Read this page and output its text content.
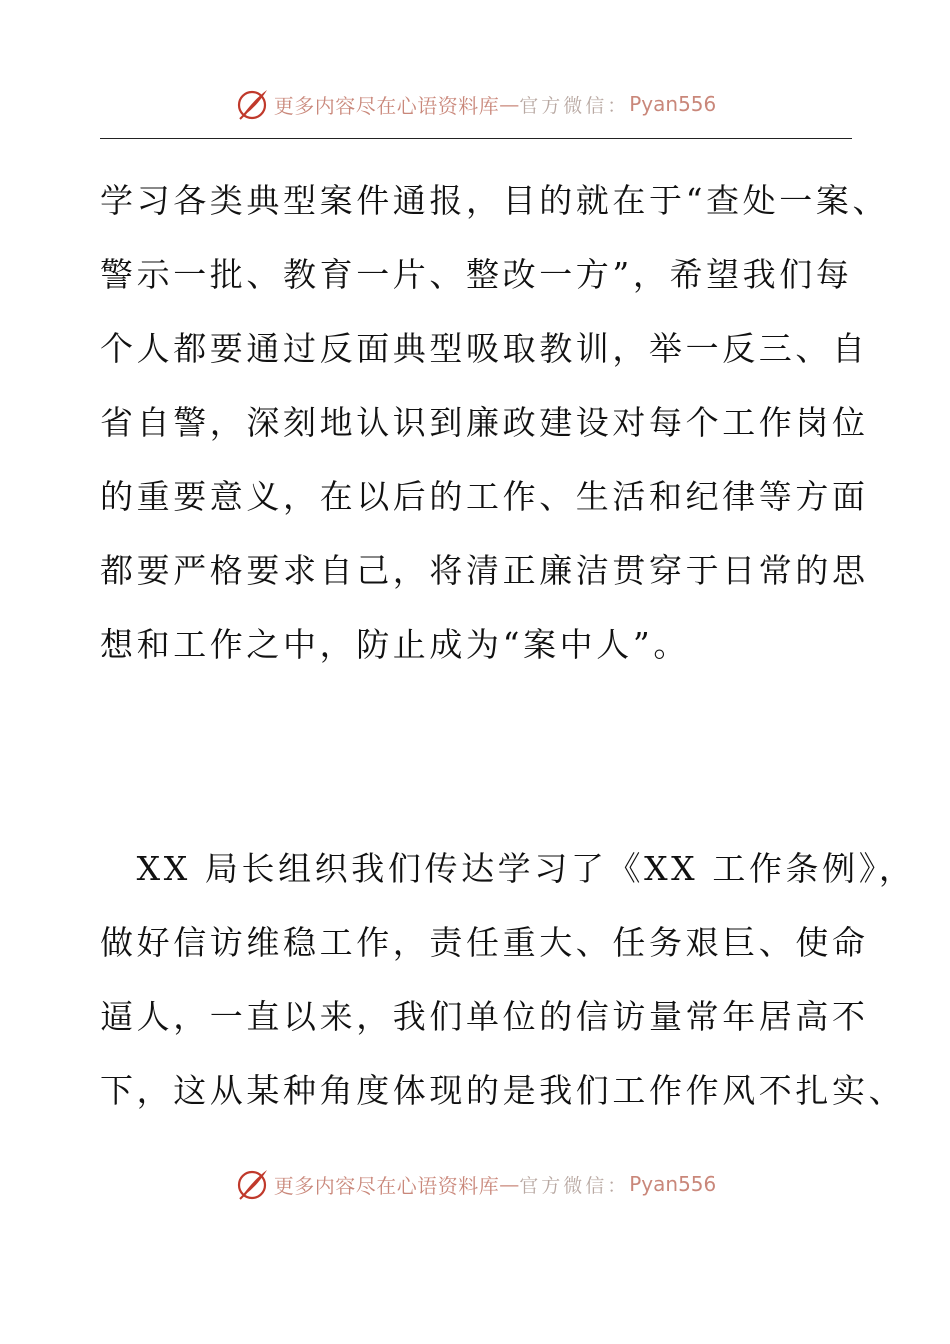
更多内容尽在心语资料库 — 官方微信： Pyan556
学习各类典型案件通报，目的就在于“查处一案、
警示一批、教育一片、整改一方”，希望我们每
个人都要通过反面典型吸取教训，举一反三、自
省自警，深刻地认识到廉政建设对每个工作岗位
的重要意义，在以后的工作、生活和纪律等方面
都要严格要求自己，将清正廉洁贯穿于日常的思
想和工作之中，防止成为“案中人”。
　XX 局长组织我们传达学习了《XX 工作条例》，
做好信访维稳工作，责任重大、任务艰巨、使命
逼人，一直以来，我们单位的信访量常年居高不
下，这从某种角度体现的是我们工作作风不扎实、
更多内容尽在心语资料库 — 官方微信： Pyan556
